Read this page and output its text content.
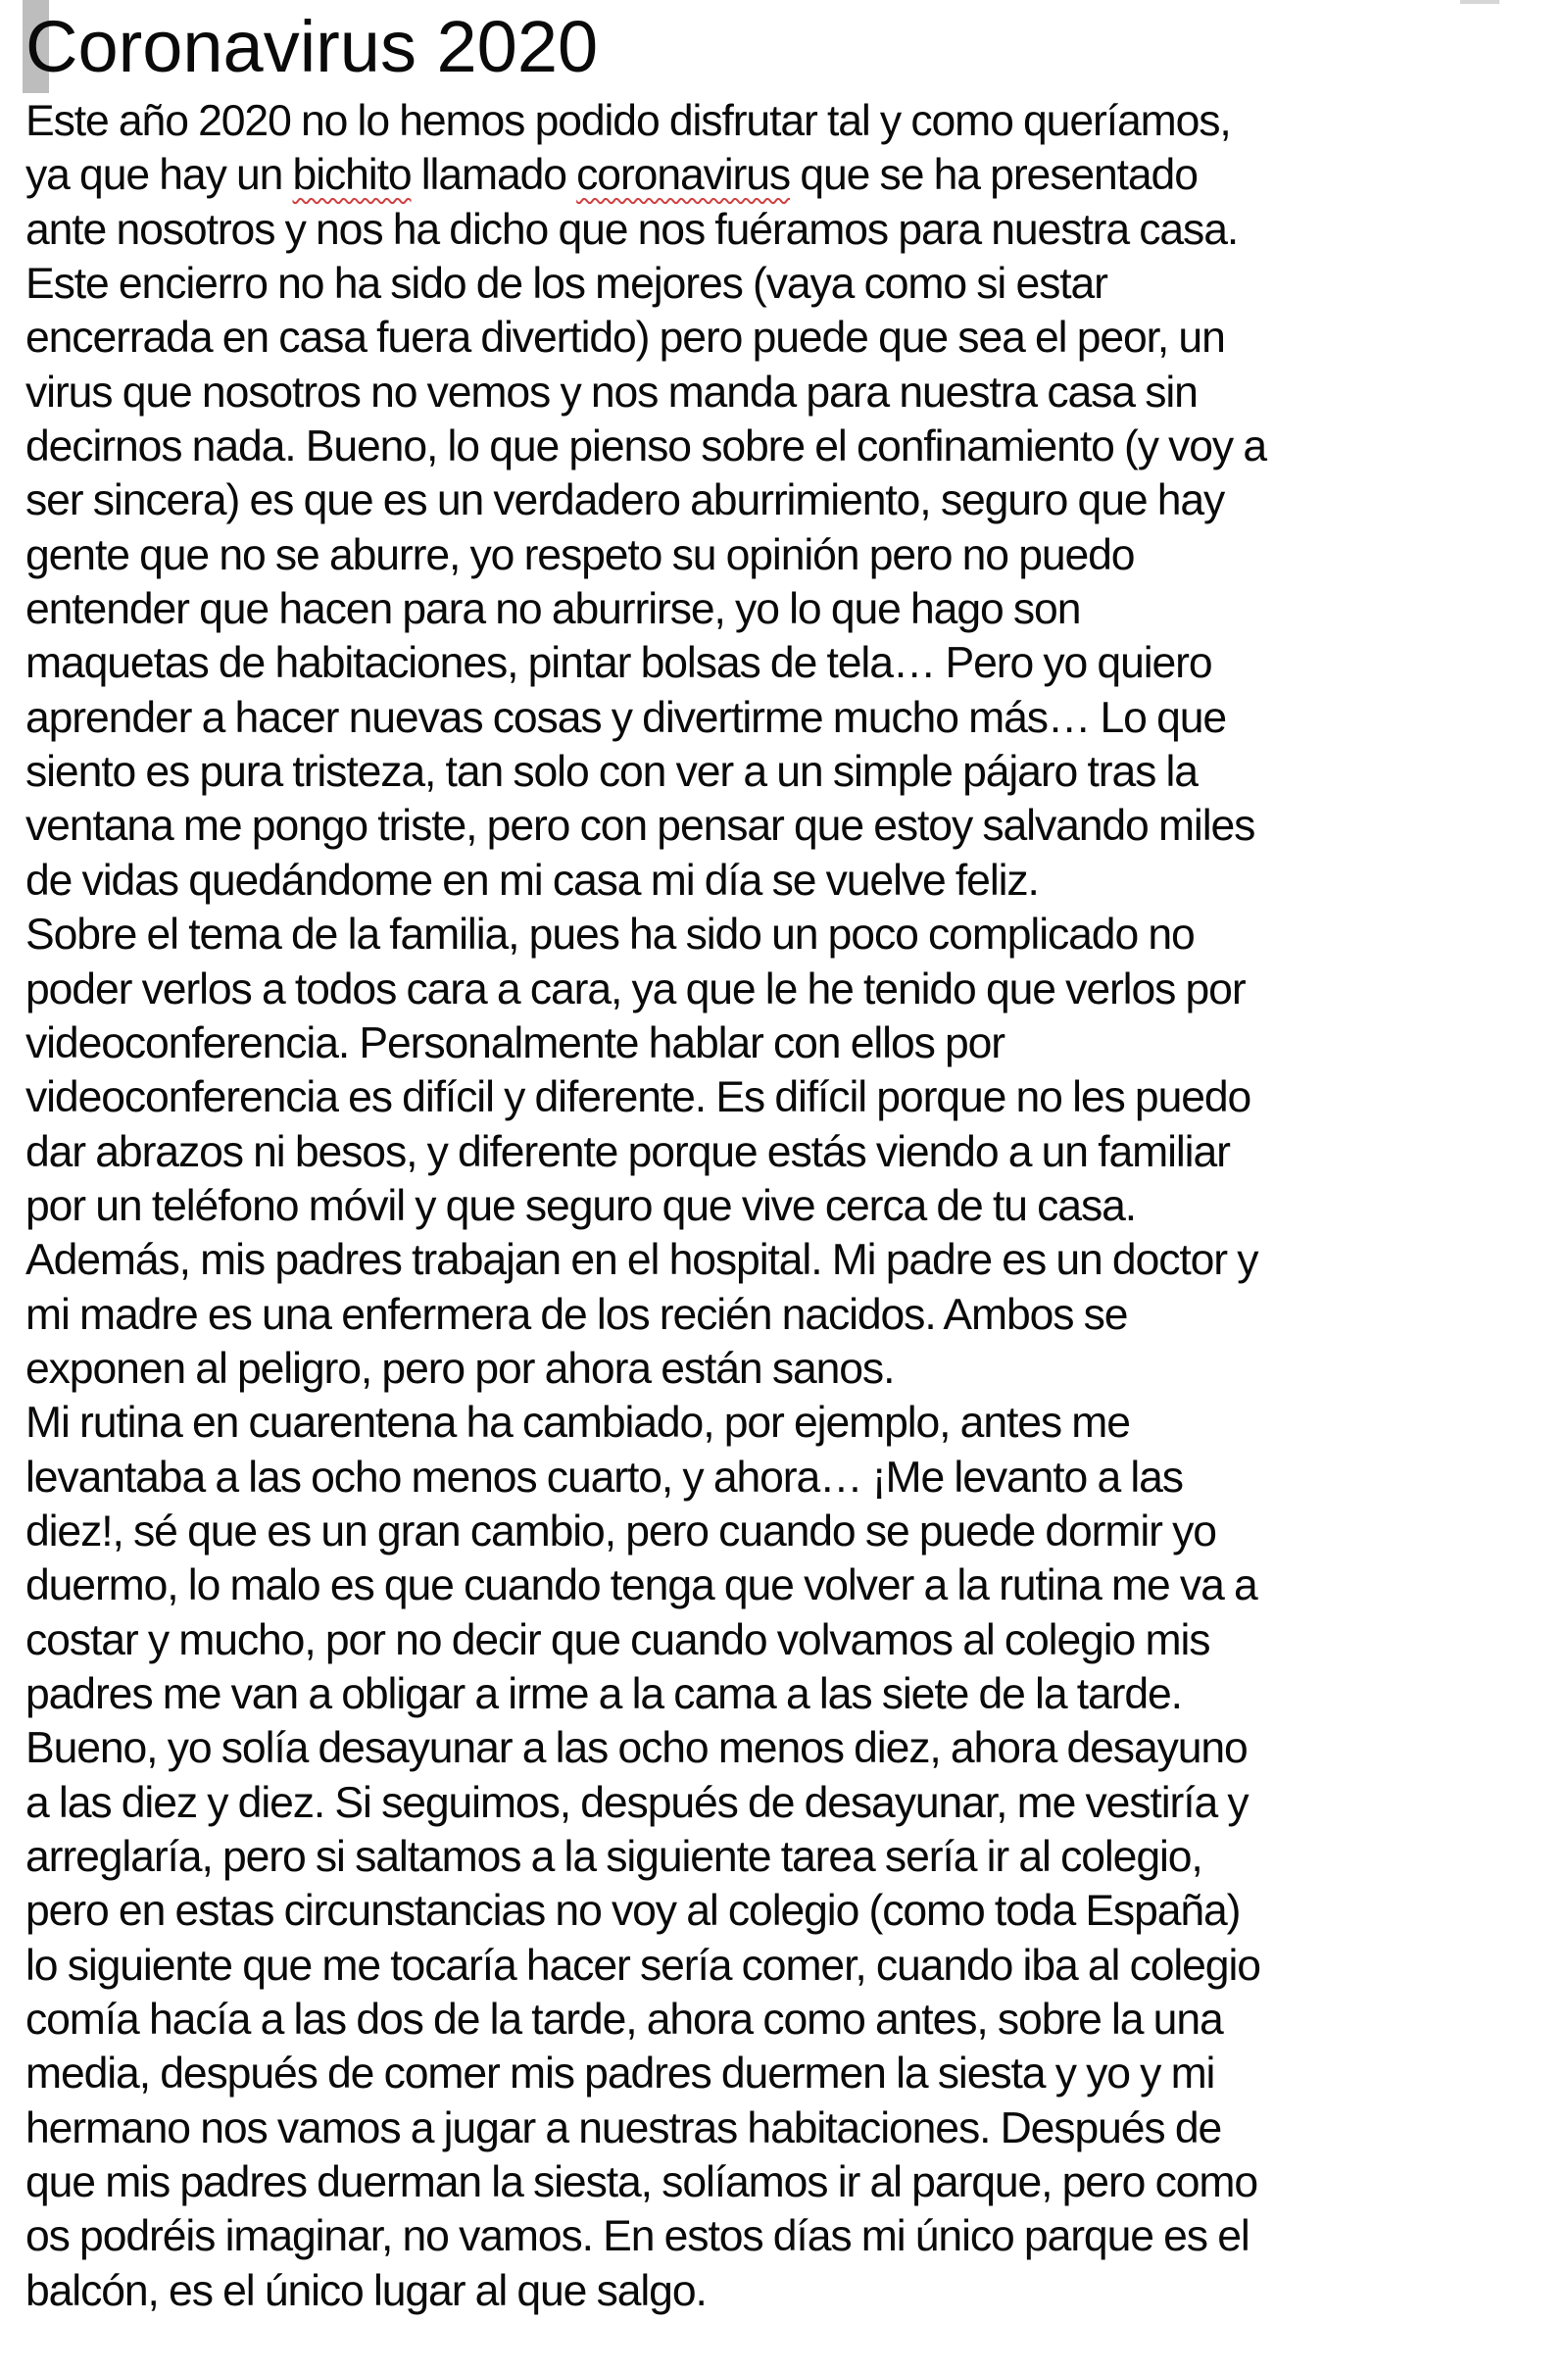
Coronavirus 2020
Este año 2020 no lo hemos podido disfrutar tal y como queríamos,
ya que hay un bichito llamado coronavirus que se ha presentado
ante nosotros y nos ha dicho que nos fuéramos para nuestra casa.
Este encierro no ha sido de los mejores (vaya como si estar
encerrada en casa fuera divertido) pero puede que sea el peor, un
virus que nosotros no vemos y nos manda para nuestra casa sin
decirnos nada. Bueno, lo que pienso sobre el confinamiento (y voy a
ser sincera) es que es un verdadero aburrimiento, seguro que hay
gente que no se aburre, yo respeto su opinión pero no puedo
entender que hacen para no aburrirse, yo lo que hago son
maquetas de habitaciones, pintar bolsas de tela… Pero yo quiero
aprender a hacer nuevas cosas y divertirme mucho más… Lo que
siento es pura tristeza, tan solo con ver a un simple pájaro tras la
ventana me pongo triste, pero con pensar que estoy salvando miles
de vidas quedándome en mi casa mi día se vuelve feliz.
Sobre el tema de la familia, pues ha sido un poco complicado no
poder verlos a todos cara a cara, ya que le he tenido que verlos por
videoconferencia. Personalmente hablar con ellos por
videoconferencia es difícil y diferente. Es difícil porque no les puedo
dar abrazos ni besos, y diferente porque estás viendo a un familiar
por un teléfono móvil y que seguro que vive cerca de tu casa.
Además, mis padres trabajan en el hospital. Mi padre es un doctor y
mi madre es una enfermera de los recién nacidos. Ambos se
exponen al peligro, pero por ahora están sanos.
Mi rutina en cuarentena ha cambiado, por ejemplo, antes me
levantaba a las ocho menos cuarto, y ahora… ¡Me levanto a las
diez!, sé que es un gran cambio, pero cuando se puede dormir yo
duermo, lo malo es que cuando tenga que volver a la rutina me va a
costar y mucho, por no decir que cuando volvamos al colegio mis
padres me van a obligar a irme a la cama a las siete de la tarde.
Bueno, yo solía desayunar a las ocho menos diez, ahora desayuno
a las diez y diez. Si seguimos, después de desayunar, me vestiría y
arreglaría, pero si saltamos a la siguiente tarea sería ir al colegio,
pero en estas circunstancias no voy al colegio (como toda España)
lo siguiente que me tocaría hacer sería comer, cuando iba al colegio
comía hacía a las dos de la tarde, ahora como antes, sobre la una
media, después de comer mis padres duermen la siesta y yo y mi
hermano nos vamos a jugar a nuestras habitaciones. Después de
que mis padres duerman la siesta, solíamos ir al parque, pero como
os podréis imaginar, no vamos. En estos días mi único parque es el
balcón, es el único lugar al que salgo.
